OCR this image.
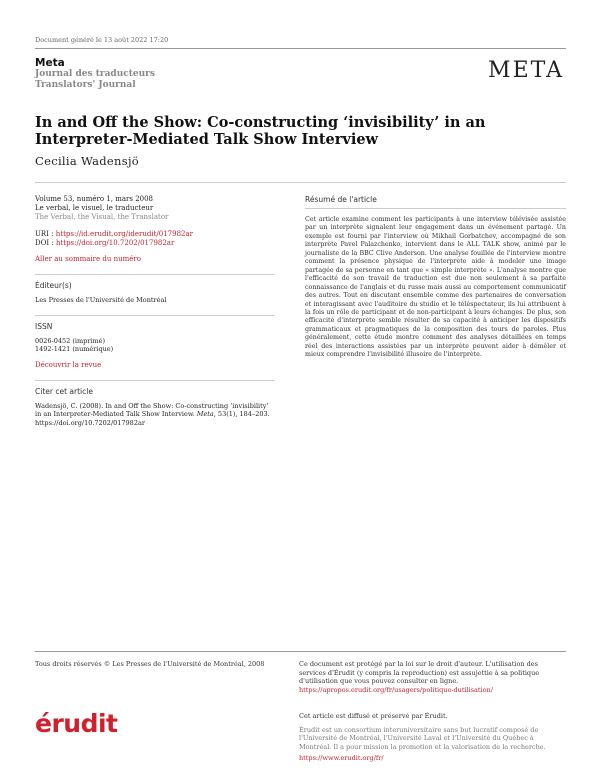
Document généré le 13 août 2022 17:20
Meta
Journal des traducteurs
Translators' Journal
META
In and Off the Show: Co-constructing ‘invisibility’ in an Interpreter-Mediated Talk Show Interview
Cecilia Wadensjö
Volume 53, numéro 1, mars 2008
Le verbal, le visuel, le traducteur
The Verbal, the Visual, the Translator
URI : https://id.erudit.org/iderudit/017982ar
DOI : https://doi.org/10.7202/017982ar
Aller au sommaire du numéro
Éditeur(s)
Les Presses de l'Université de Montréal
ISSN
0026-0452 (imprimé)
1492-1421 (numérique)
Découvrir la revue
Citer cet article
Wadensjö, C. (2008). In and Off the Show: Co-constructing ‘invisibility’ in an Interpreter-Mediated Talk Show Interview. Meta, 53(1), 184–203. https://doi.org/10.7202/017982ar
Résumé de l'article
Cet article examine comment les participants à une interview télévisée assistée par un interprète signalent leur engagement dans un événement partagé. Un exemple est fourni par l'interview où Mikhail Gorbatchev, accompagné de son interprète Pavel Palazchenko, intervient dans le ALL TALK show, animé par le journaliste de la BBC Clive Anderson. Une analyse fouillée de l'interview montre comment la présence physique de l'interprète aide à modeler une image partagée de sa personne en tant que « simple interprète ». L'analyse montre que l'efficacité de son travail de traduction est due non seulement à sa parfaite connaissance de l'anglais et du russe mais aussi au comportement communicatif des autres. Tout en discutant ensemble comme des partenaires de conversation et interagissant avec l'auditoire du studio et le téléspectateur, ils lui attribuent à la fois un rôle de participant et de non-participant à leurs échanges. De plus, son efficacité d'interprète semble résulter de sa capacité à anticiper les dispositifs grammaticaux et pragmatiques de la composition des tours de paroles. Plus généralement, cette étude montre comment des analyses détaillées en temps réel des interactions assistées par un interprète peuvent aider à démêler et mieux comprendre l'invisibilité illusoire de l'interprète.
Tous droits réservés © Les Presses de l'Université de Montréal, 2008	Ce document est protégé par la loi sur le droit d'auteur. L'utilisation des services d'Érudit (y compris la reproduction) est assujettie à sa politique d'utilisation que vous pouvez consulter en ligne.
https://apropos.erudit.org/fr/usagers/politique-dutilisation/
érudit	Cet article est diffusé et préservé par Érudit.
Érudit est un consortium interuniversitaire sans but lucratif composé de l'Université de Montréal, l'Université Laval et l'Université du Québec à Montréal. Il a pour mission la promotion et la valorisation de la recherche.
https://www.erudit.org/fr/
